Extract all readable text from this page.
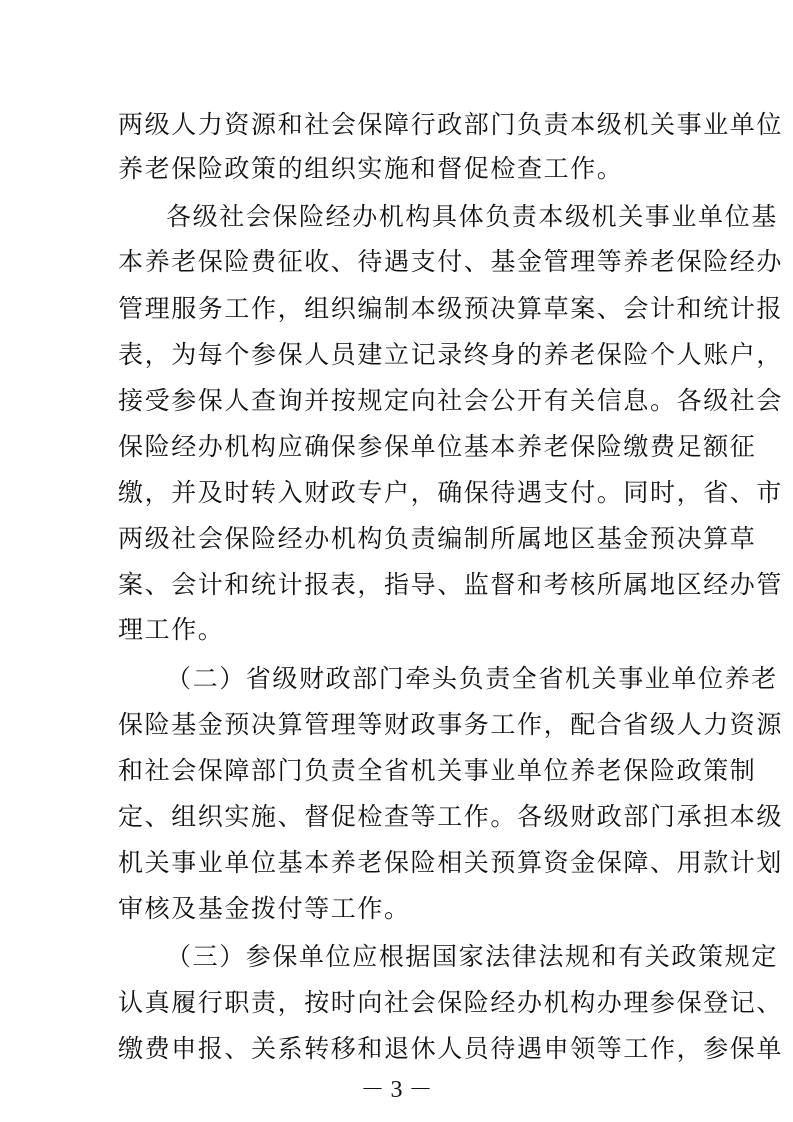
两级人力资源和社会保障行政部门负责本级机关事业单位
养老保险政策的组织实施和督促检查工作。
各级社会保险经办机构具体负责本级机关事业单位基
本养老保险费征收、待遇支付、基金管理等养老保险经办
管理服务工作，组织编制本级预决算草案、会计和统计报
表，为每个参保人员建立记录终身的养老保险个人账户，
接受参保人查询并按规定向社会公开有关信息。各级社会
保险经办机构应确保参保单位基本养老保险缴费足额征
缴，并及时转入财政专户，确保待遇支付。同时，省、市
两级社会保险经办机构负责编制所属地区基金预决算草
案、会计和统计报表，指导、监督和考核所属地区经办管
理工作。
（二）省级财政部门牵头负责全省机关事业单位养老
保险基金预决算管理等财政事务工作，配合省级人力资源
和社会保障部门负责全省机关事业单位养老保险政策制
定、组织实施、督促检查等工作。各级财政部门承担本级
机关事业单位基本养老保险相关预算资金保障、用款计划
审核及基金拨付等工作。
（三）参保单位应根据国家法律法规和有关政策规定
认真履行职责，按时向社会保险经办机构办理参保登记、
缴费申报、关系转移和退休人员待遇申领等工作，参保单
－ 3 －
